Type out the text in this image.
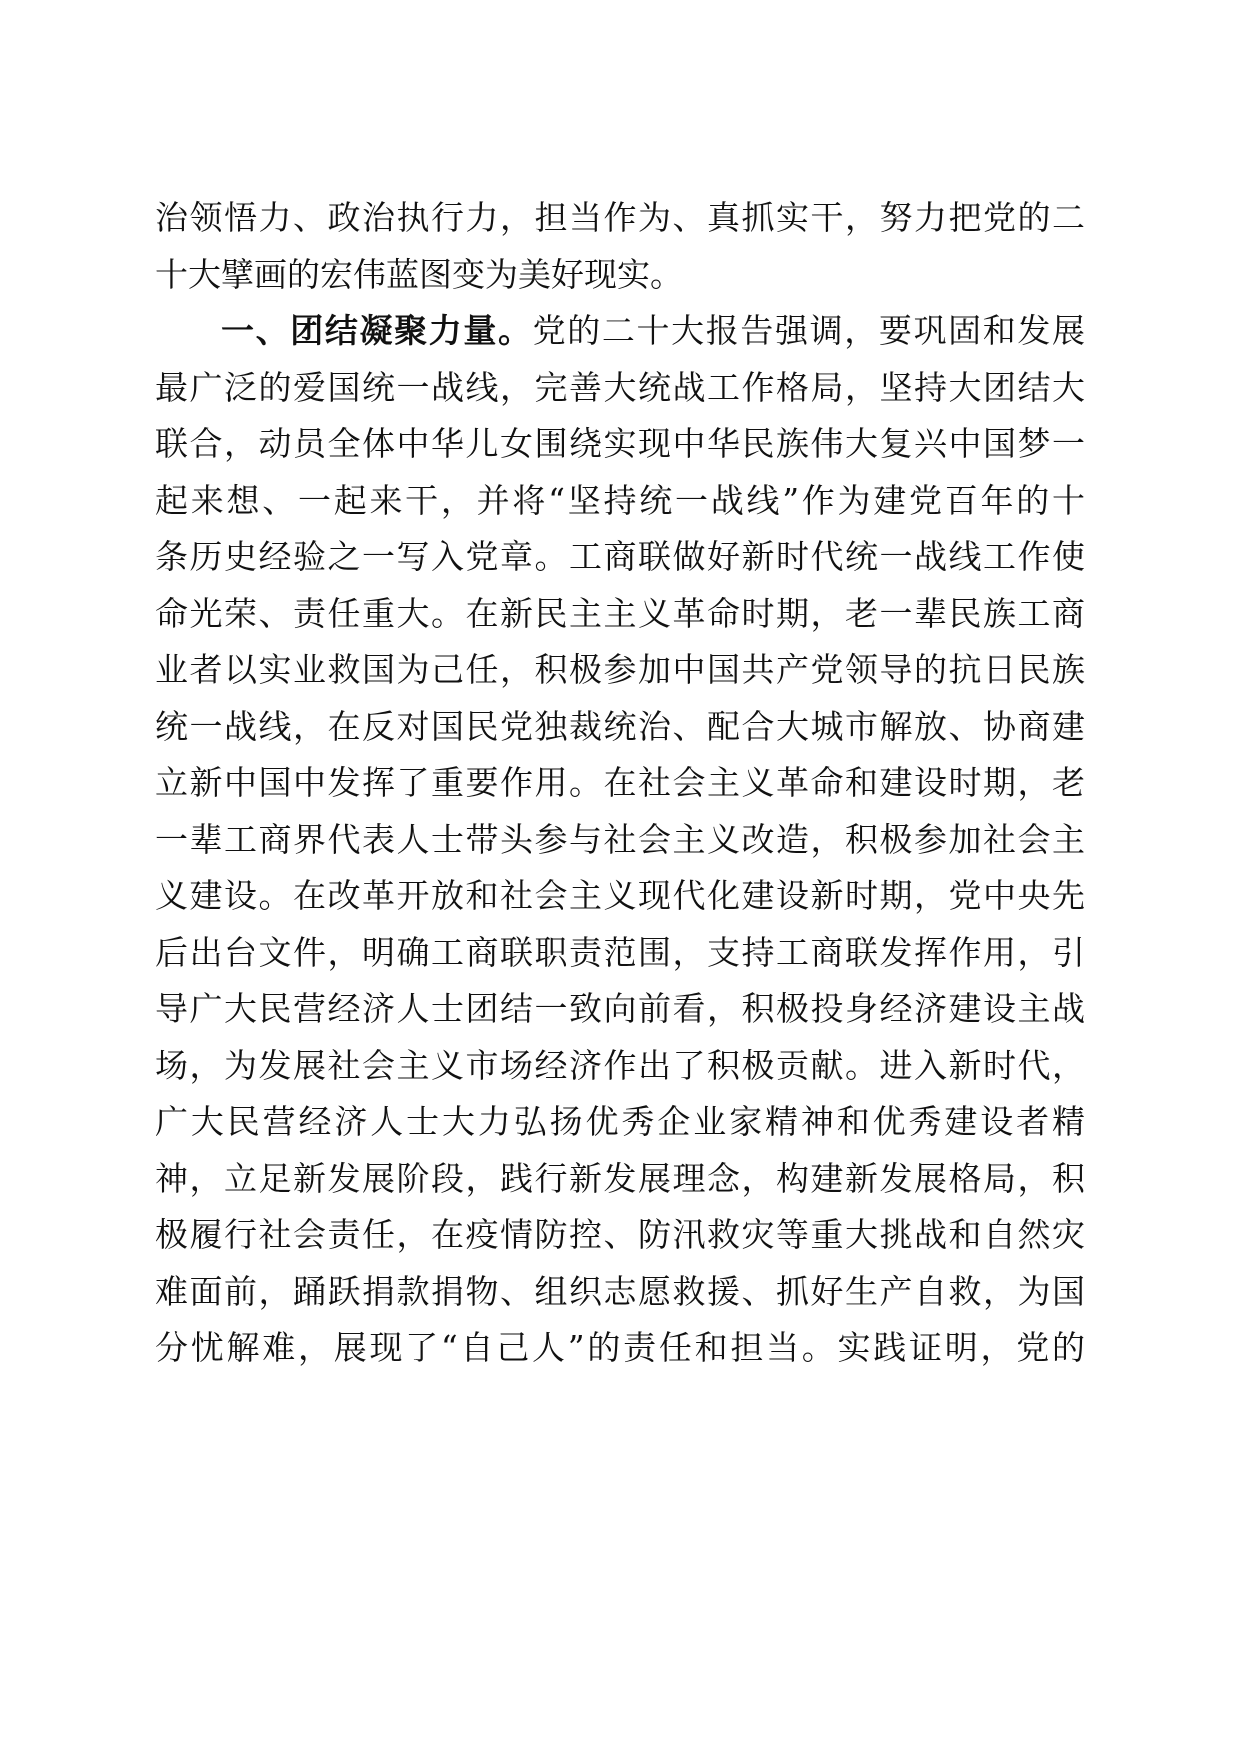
治领悟力、政治执行力，担当作为、真抓实干，努力把党的二
十大擘画的宏伟蓝图变为美好现实。
一、团结凝聚力量。党的二十大报告强调，要巩固和发展
最广泛的爱国统一战线，完善大统战工作格局，坚持大团结大
联合，动员全体中华儿女围绕实现中华民族伟大复兴中国梦一
起来想、一起来干，并将“坚持统一战线”作为建党百年的十
条历史经验之一写入党章。工商联做好新时代统一战线工作使
命光荣、责任重大。在新民主主义革命时期，老一辈民族工商
业者以实业救国为己任，积极参加中国共产党领导的抗日民族
统一战线，在反对国民党独裁统治、配合大城市解放、协商建
立新中国中发挥了重要作用。在社会主义革命和建设时期，老
一辈工商界代表人士带头参与社会主义改造，积极参加社会主
义建设。在改革开放和社会主义现代化建设新时期，党中央先
后出台文件，明确工商联职责范围，支持工商联发挥作用，引
导广大民营经济人士团结一致向前看，积极投身经济建设主战
场，为发展社会主义市场经济作出了积极贡献。进入新时代，
广大民营经济人士大力弘扬优秀企业家精神和优秀建设者精
神，立足新发展阶段，践行新发展理念，构建新发展格局，积
极履行社会责任，在疫情防控、防汛救灾等重大挑战和自然灾
难面前，踊跃捐款捐物、组织志愿救援、抓好生产自救，为国
分忧解难，展现了“自己人”的责任和担当。实践证明，党的
